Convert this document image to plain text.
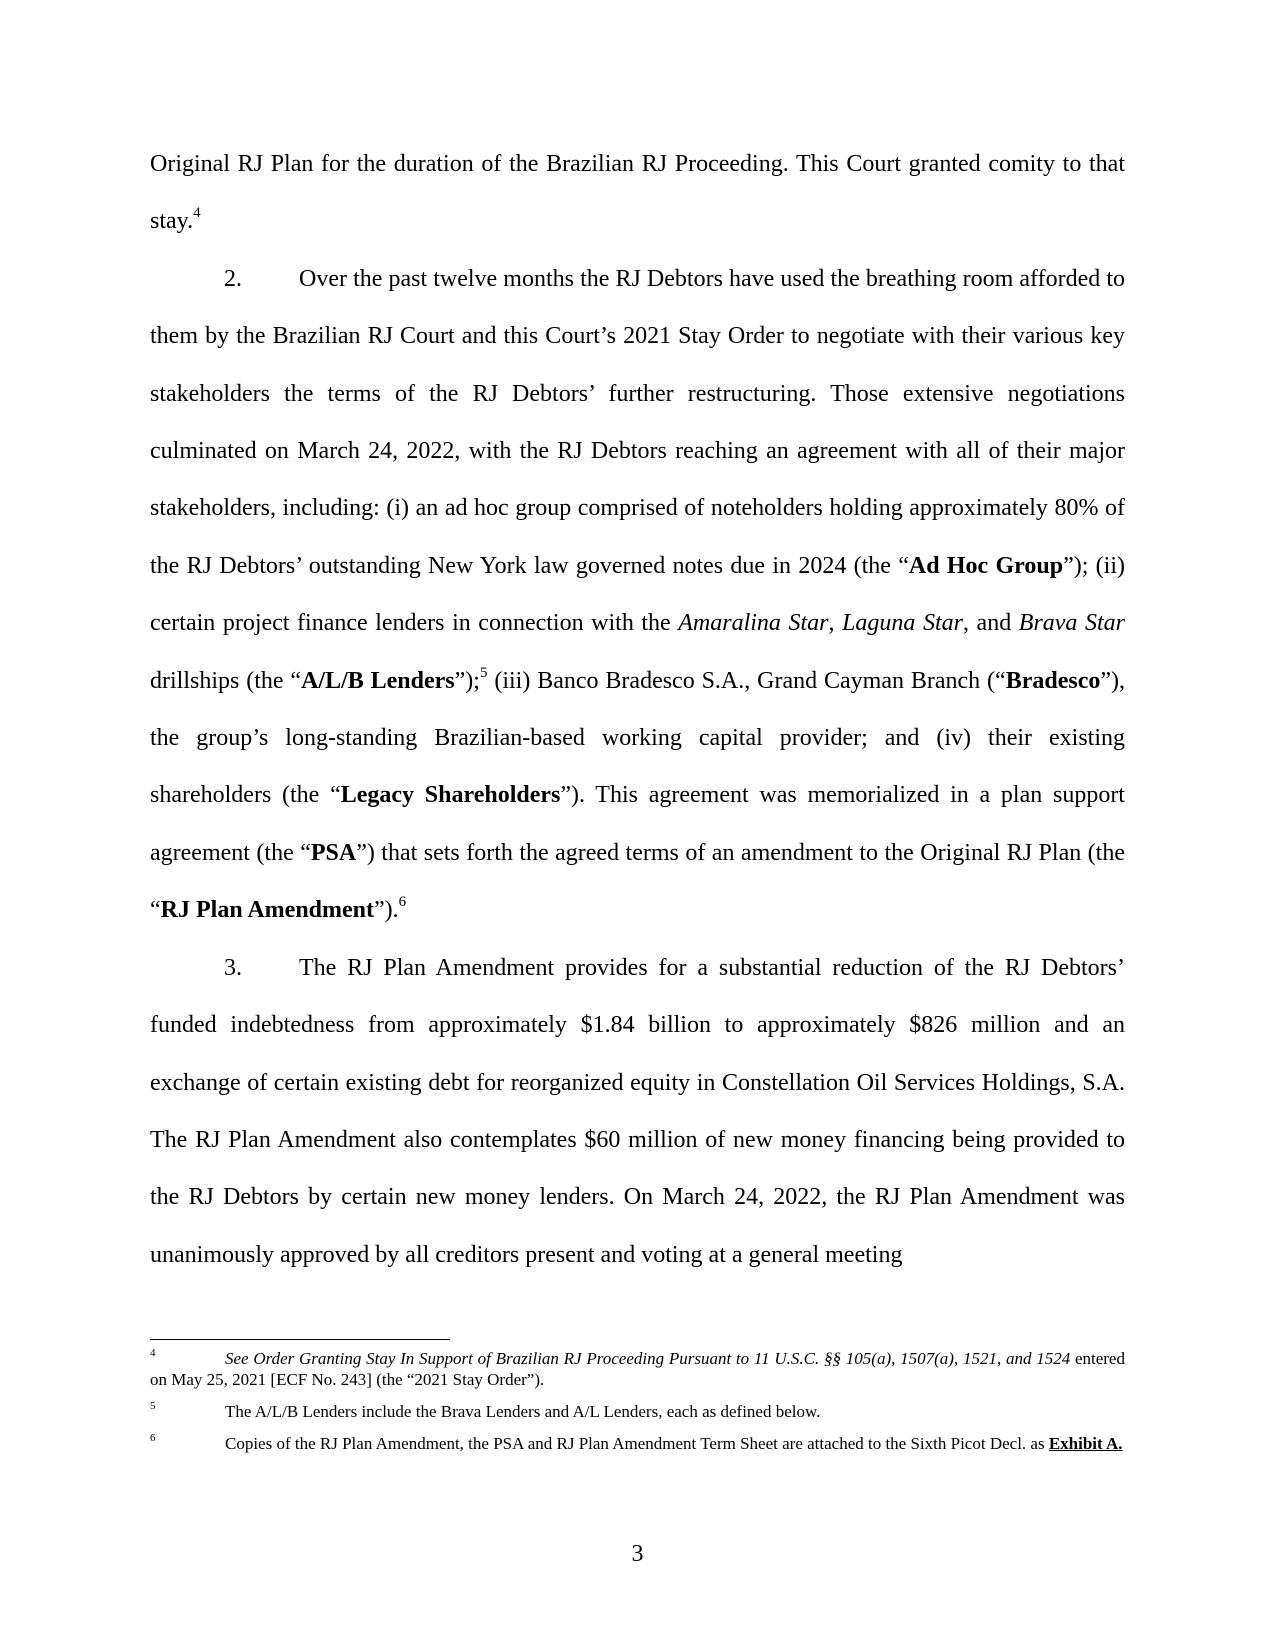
Original RJ Plan for the duration of the Brazilian RJ Proceeding. This Court granted comity to that stay.$^4$

2. Over the past twelve months the RJ Debtors have used the breathing room afforded to them by the Brazilian RJ Court and this Court’s 2021 Stay Order to negotiate with their various key stakeholders the terms of the RJ Debtors’ further restructuring. Those extensive negotiations culminated on March 24, 2022, with the RJ Debtors reaching an agreement with all of their major stakeholders, including: (i) an ad hoc group comprised of noteholders holding approximately 80% of the RJ Debtors’ outstanding New York law governed notes due in 2024 (the “Ad Hoc Group”); (ii) certain project finance lenders in connection with the Amaralina Star, Laguna Star, and Brava Star drillships (the “A/L/B Lenders”);$^5$ (iii) Banco Bradesco S.A., Grand Cayman Branch (“Bradesco”), the group’s long-standing Brazilian-based working capital provider; and (iv) their existing shareholders (the “Legacy Shareholders”). This agreement was memorialized in a plan support agreement (the “PSA”) that sets forth the agreed terms of an amendment to the Original RJ Plan (the “RJ Plan Amendment”).$^6$

3. The RJ Plan Amendment provides for a substantial reduction of the RJ Debtors’ funded indebtedness from approximately $1.84 billion to approximately $826 million and an exchange of certain existing debt for reorganized equity in Constellation Oil Services Holdings, S.A. The RJ Plan Amendment also contemplates $60 million of new money financing being provided to the RJ Debtors by certain new money lenders. On March 24, 2022, the RJ Plan Amendment was unanimously approved by all creditors present and voting at a general meeting

4	See Order Granting Stay In Support of Brazilian RJ Proceeding Pursuant to 11 U.S.C. §§ 105(a), 1507(a), 1521, and 1524 entered on May 25, 2021 [ECF No. 243] (the “2021 Stay Order”).

5	The A/L/B Lenders include the Brava Lenders and A/L Lenders, each as defined below.

6	Copies of the RJ Plan Amendment, the PSA and RJ Plan Amendment Term Sheet are attached to the Sixth Picot Decl. as Exhibit A.

3
